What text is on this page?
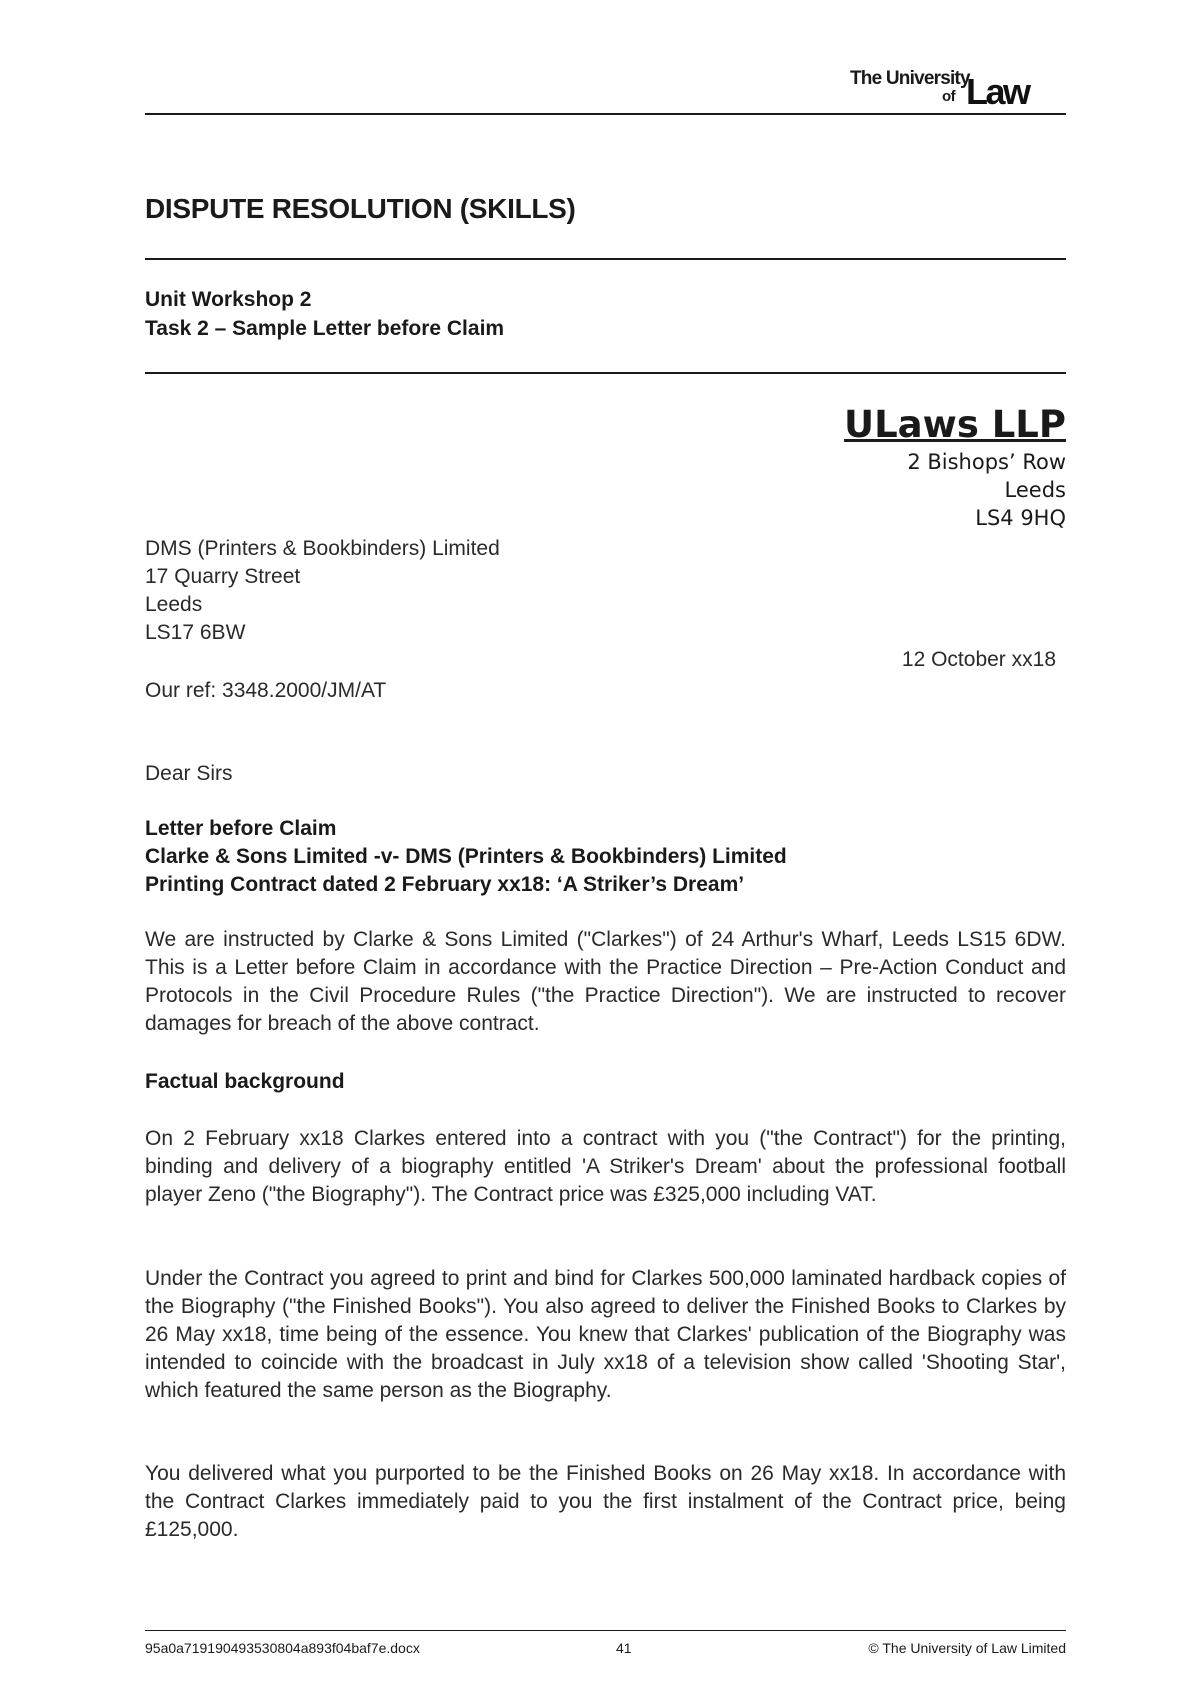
The University
of Law
DISPUTE RESOLUTION (SKILLS)
Unit Workshop 2
Task 2 – Sample Letter before Claim
ULaws LLP
2 Bishops’ Row
Leeds
LS4 9HQ
DMS (Printers & Bookbinders) Limited
17 Quarry Street
Leeds
LS17 6BW
12 October xx18
Our ref: 3348.2000/JM/AT
Dear Sirs
Letter before Claim
Clarke & Sons Limited -v- DMS (Printers & Bookbinders) Limited
Printing Contract dated 2 February xx18: ‘A Striker’s Dream’

We are instructed by Clarke & Sons Limited ("Clarkes") of 24 Arthur's Wharf, Leeds LS15 6DW. This is a Letter before Claim in accordance with the Practice Direction – Pre-Action Conduct and Protocols in the Civil Procedure Rules ("the Practice Direction"). We are instructed to recover damages for breach of the above contract.

Factual background

On 2 February xx18 Clarkes entered into a contract with you ("the Contract") for the printing, binding and delivery of a biography entitled 'A Striker's Dream' about the professional football player Zeno ("the Biography"). The Contract price was £325,000 including VAT.

Under the Contract you agreed to print and bind for Clarkes 500,000 laminated hardback copies of the Biography ("the Finished Books"). You also agreed to deliver the Finished Books to Clarkes by 26 May xx18, time being of the essence. You knew that Clarkes' publication of the Biography was intended to coincide with the broadcast in July xx18 of a television show called 'Shooting Star', which featured the same person as the Biography.

You delivered what you purported to be the Finished Books on 26 May xx18. In accordance with the Contract Clarkes immediately paid to you the first instalment of the Contract price, being £125,000.

95a0a719190493530804a893f04baf7e.docx	41	© The University of Law Limited
